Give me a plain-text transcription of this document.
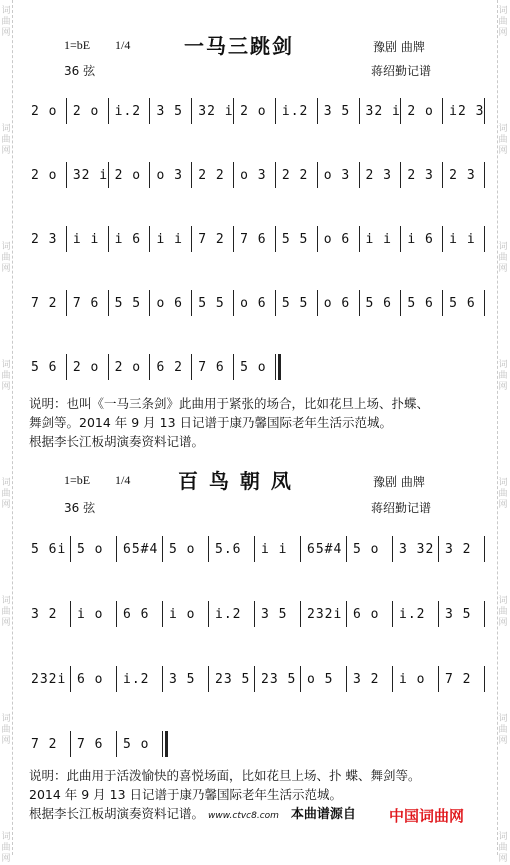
词
曲
网
词
曲
网
词
曲
网
词
曲
网
词
曲
网
词
曲
网
词
曲
网
词
曲
网
词
曲
网
词
曲
网
词
曲
网
词
曲
网
词
曲
网
词
曲
网
词
曲
网
词
曲
网
1=bE 1/4	一马三跳剑	豫剧 曲牌
36 弦	蒋绍勤记谱
2 o 2 o i.2 3 5 32 i 2 o i.2 3 5 32 i 2 o i2 3
2 o 32 i 2 o o 3 2 2 o 3 2 2 o 3 2 3 2 3 2 3
2 3 i i i 6 i i 7 2 7 6 5 5 o 6 i i i 6 i i
7 2 7 6 5 5 o 6 5 5 o 6 5 5 o 6 5 6 5 6 5 6
5 6 2 o 2 o 6 2 7 6 5 o
说明：也叫《一马三条剑》此曲用于紧张的场合，比如花旦上场、扑蝶、
舞剑等。2014 年 9 月 13 日记谱于康乃馨国际老年生活示范城。
根据李长江板胡演奏资料记谱。
1=bE 1/4 百 鸟 朝 凤	豫剧 曲牌
36 弦	蒋绍勤记谱
5 6i 5 o 65#4 5 o 5.6 i i 65#4 5 o 3 32 3 2
3 2 i o 6 6 i o i.2 3 5 232i 6 o i.2 3 5
232i 6 o i.2 3 5 23 5 23 5 o 5 3 2 i o 7 2
7 2 7 6 5 o
说明：此曲用于活泼愉快的喜悦场面，比如花旦上场、扑 蝶、舞剑等。
2014 年 9 月 13 日记谱于康乃馨国际老年生活示范城。
根据李长江板胡演奏资料记谱。 www.ctvc8.com 本曲谱源自	中国词曲网
